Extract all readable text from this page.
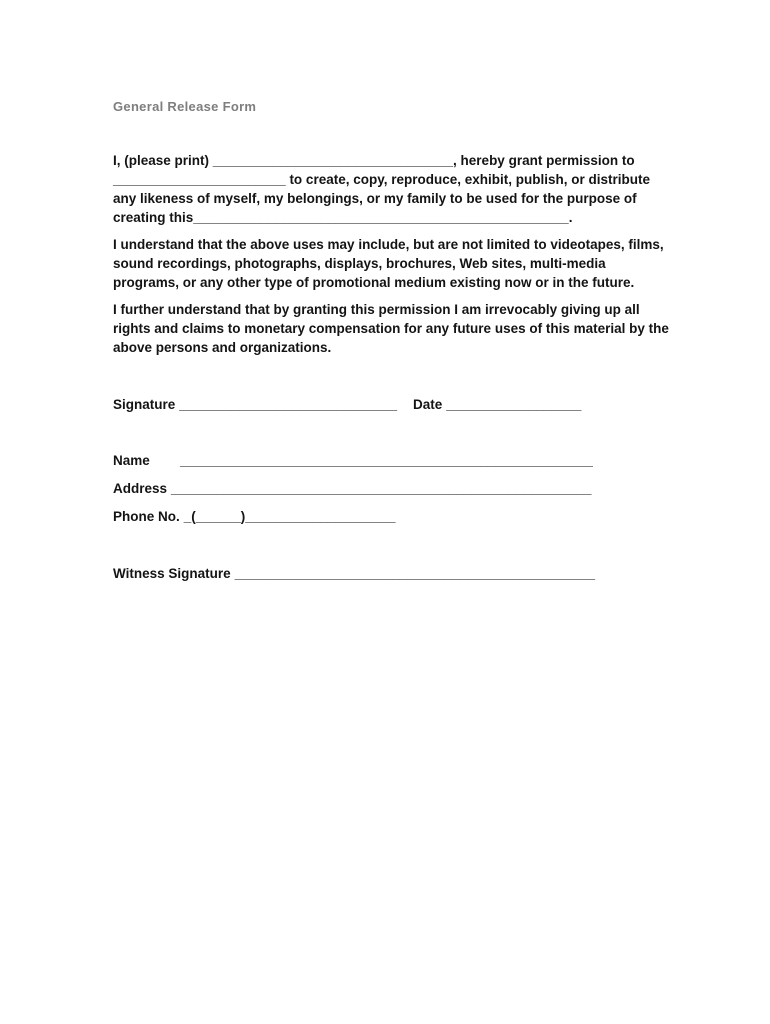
General Release Form

I, (please print) ________________________________, hereby grant permission to _______________________ to create, copy, reproduce, exhibit, publish, or distribute any likeness of myself, my belongings, or my family to be used for the purpose of creating this__________________________________________________.

I understand that the above uses may include, but are not limited to videotapes, films, sound recordings, photographs, displays, brochures, Web sites, multi-media programs, or any other type of promotional medium existing now or in the future.

I further understand that by granting this permission I am irrevocably giving up all rights and claims to monetary compensation for any future uses of this material by the above persons and organizations.

Signature _____________________________ Date __________________
Name _______________________________________________________
Address ________________________________________________________
Phone No. _(______)____________________
Witness Signature ________________________________________________
